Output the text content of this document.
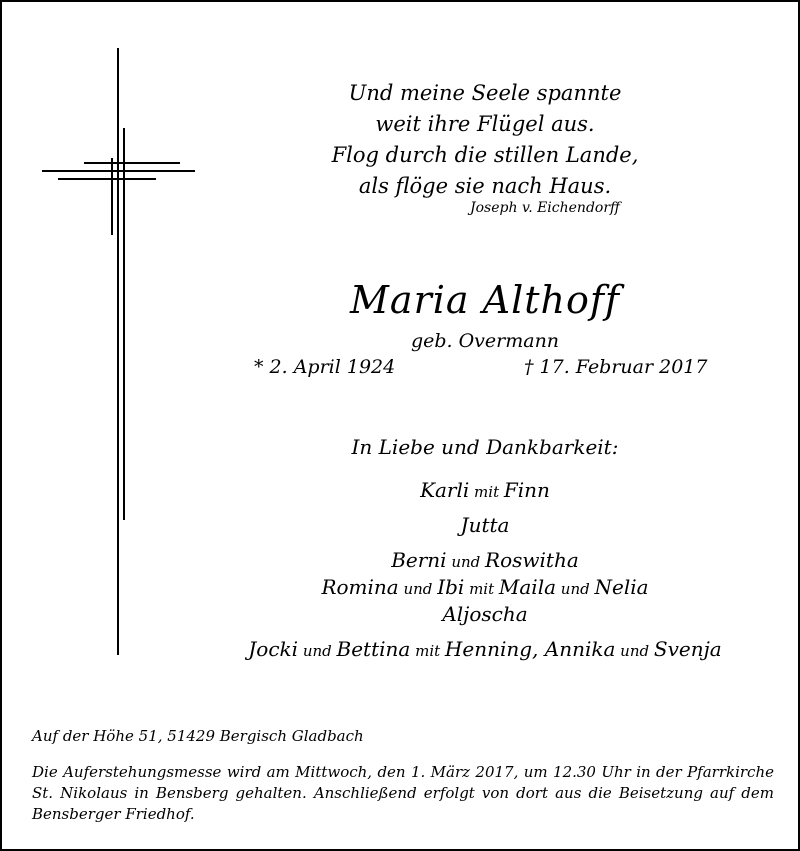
Und meine Seele spannte
weit ihre Flügel aus.
Flog durch die stillen Lande,
als flöge sie nach Haus.
Joseph v. Eichendorff
Maria Althoff
geb. Overmann
* 2. April 1924	† 17. Februar 2017
In Liebe und Dankbarkeit:
Karli mit Finn
Jutta
Berni und Roswitha
Romina und Ibi mit Maila und Nelia
Aljoscha
Jocki und Bettina mit Henning, Annika und Svenja
Auf der Höhe 51, 51429 Bergisch Gladbach
Die Auferstehungsmesse wird am Mittwoch, den 1. März 2017, um 12.30 Uhr in der Pfarrkirche St. Nikolaus in Bensberg gehalten. Anschließend erfolgt von dort aus die Beisetzung auf dem Bensberger Friedhof.
